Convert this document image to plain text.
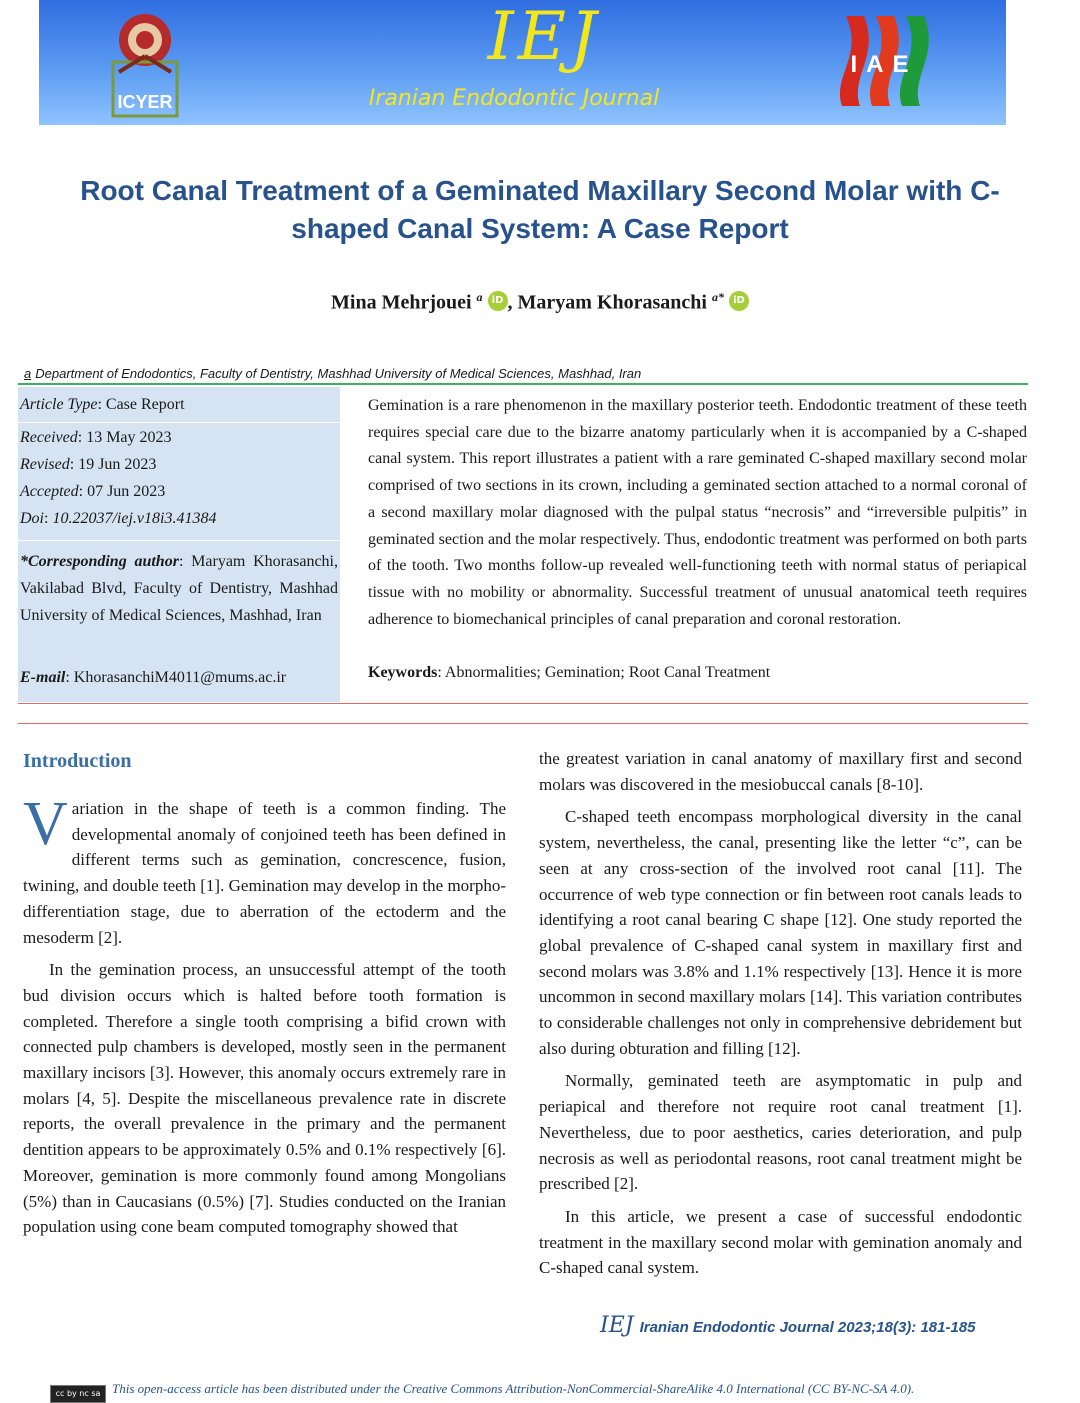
ICYER
IEJ
Iranian Endodontic Journal
IAE
Root Canal Treatment of a Geminated Maxillary Second Molar with C-shaped Canal System: A Case Report
Mina Mehrjouei $^a$ iD , Maryam Khorasanchi $^{a*}$ iD
a Department of Endodontics, Faculty of Dentistry, Mashhad University of Medical Sciences, Mashhad, Iran
Article Type: Case Report
Received: 13 May 2023
Revised: 19 Jun 2023
Accepted: 07 Jun 2023
Doi: 10.22037/iej.v18i3.41384
*Corresponding author: Maryam Khorasanchi, Vakilabad Blvd, Faculty of Dentistry, Mashhad University of Medical Sciences, Mashhad, Iran
E-mail: KhorasanchiM4011@mums.ac.ir
Gemination is a rare phenomenon in the maxillary posterior teeth. Endodontic treatment of these teeth requires special care due to the bizarre anatomy particularly when it is accompanied by a C-shaped canal system. This report illustrates a patient with a rare geminated C-shaped maxillary second molar comprised of two sections in its crown, including a geminated section attached to a normal coronal of a second maxillary molar diagnosed with the pulpal status “necrosis” and “irreversible pulpitis” in geminated section and the molar respectively. Thus, endodontic treatment was performed on both parts of the tooth. Two months follow-up revealed well-functioning teeth with normal status of periapical tissue with no mobility or abnormality. Successful treatment of unusual anatomical teeth requires adherence to biomechanical principles of canal preparation and coronal restoration.
Keywords: Abnormalities; Gemination; Root Canal Treatment
Introduction

Variation in the shape of teeth is a common finding. The developmental anomaly of conjoined teeth has been defined in different terms such as gemination, concrescence, fusion, twining, and double teeth [1]. Gemination may develop in the morpho-differentiation stage, due to aberration of the ectoderm and the mesoderm [2].

In the gemination process, an unsuccessful attempt of the tooth bud division occurs which is halted before tooth formation is completed. Therefore a single tooth comprising a bifid crown with connected pulp chambers is developed, mostly seen in the permanent maxillary incisors [3]. However, this anomaly occurs extremely rare in molars [4, 5]. Despite the miscellaneous prevalence rate in discrete reports, the overall prevalence in the primary and the permanent dentition appears to be approximately 0.5% and 0.1% respectively [6]. Moreover, gemination is more commonly found among Mongolians (5%) than in Caucasians (0.5%) [7]. Studies conducted on the Iranian population using cone beam computed tomography showed that

the greatest variation in canal anatomy of maxillary first and second molars was discovered in the mesiobuccal canals [8-10].

C-shaped teeth encompass morphological diversity in the canal system, nevertheless, the canal, presenting like the letter “c”, can be seen at any cross-section of the involved root canal [11]. The occurrence of web type connection or fin between root canals leads to identifying a root canal bearing C shape [12]. One study reported the global prevalence of C-shaped canal system in maxillary first and second molars was 3.8% and 1.1% respectively [13]. Hence it is more uncommon in second maxillary molars [14]. This variation contributes to considerable challenges not only in comprehensive debridement but also during obturation and filling [12].

Normally, geminated teeth are asymptomatic in pulp and periapical and therefore not require root canal treatment [1]. Nevertheless, due to poor aesthetics, caries deterioration, and pulp necrosis as well as periodontal reasons, root canal treatment might be prescribed [2].

In this article, we present a case of successful endodontic treatment in the maxillary second molar with gemination anomaly and C-shaped canal system.

IEJ Iranian Endodontic Journal 2023;18(3): 181-185
cc by nc sa This open-access article has been distributed under the Creative Commons Attribution-NonCommercial-ShareAlike 4.0 International (CC BY-NC-SA 4.0).
